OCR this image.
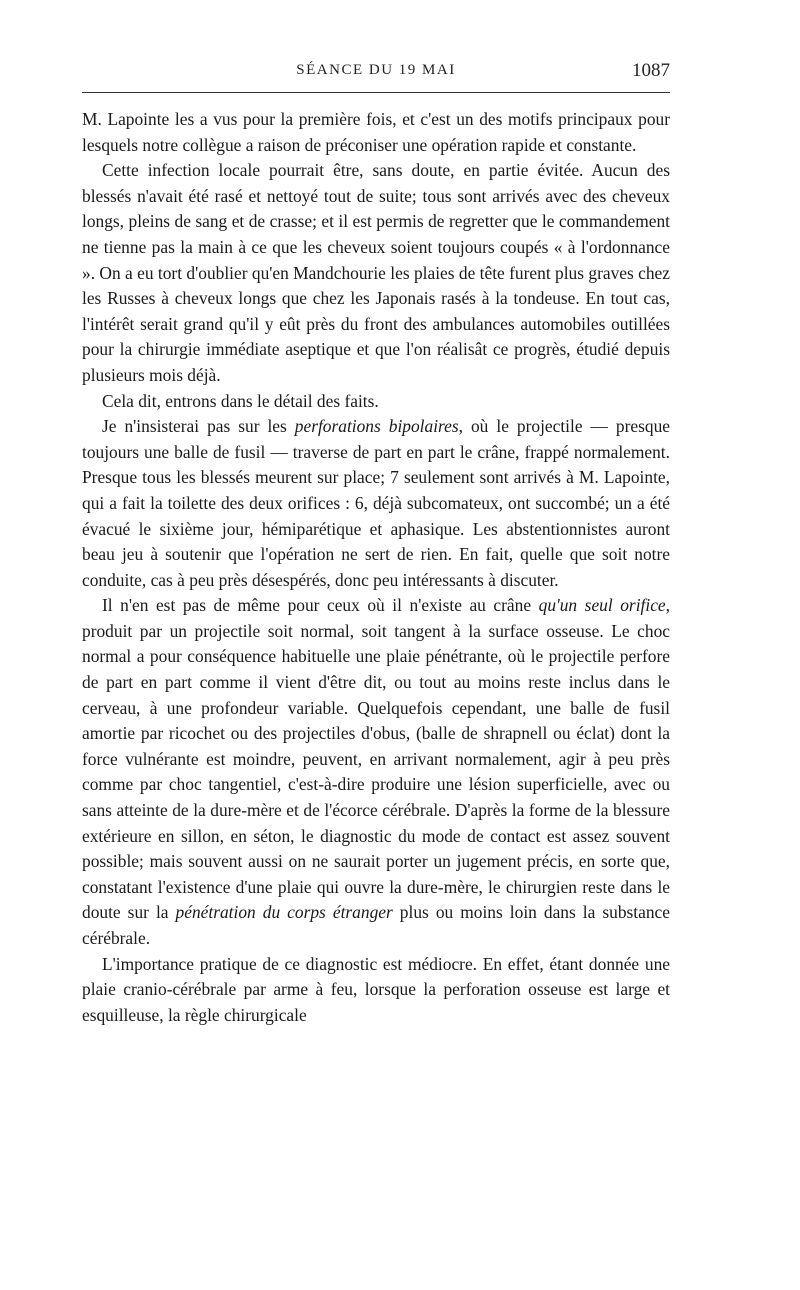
SÉANCE DU 19 MAI	1087

M. Lapointe les a vus pour la première fois, et c'est un des motifs principaux pour lesquels notre collègue a raison de préconiser une opération rapide et constante.

Cette infection locale pourrait être, sans doute, en partie évitée. Aucun des blessés n'avait été rasé et nettoyé tout de suite; tous sont arrivés avec des cheveux longs, pleins de sang et de crasse; et il est permis de regretter que le commandement ne tienne pas la main à ce que les cheveux soient toujours coupés « à l'ordonnance ». On a eu tort d'oublier qu'en Mandchourie les plaies de tête furent plus graves chez les Russes à cheveux longs que chez les Japonais rasés à la tondeuse. En tout cas, l'intérêt serait grand qu'il y eût près du front des ambulances automobiles outillées pour la chirurgie immédiate aseptique et que l'on réalisât ce progrès, étudié depuis plusieurs mois déjà.

Cela dit, entrons dans le détail des faits.

Je n'insisterai pas sur les perforations bipolaires, où le projectile — presque toujours une balle de fusil — traverse de part en part le crâne, frappé normalement. Presque tous les blessés meurent sur place; 7 seulement sont arrivés à M. Lapointe, qui a fait la toilette des deux orifices : 6, déjà subcomateux, ont succombé; un a été évacué le sixième jour, hémiparétique et aphasique. Les abstentionnistes auront beau jeu à soutenir que l'opération ne sert de rien. En fait, quelle que soit notre conduite, cas à peu près désespérés, donc peu intéressants à discuter.

Il n'en est pas de même pour ceux où il n'existe au crâne qu'un seul orifice, produit par un projectile soit normal, soit tangent à la surface osseuse. Le choc normal a pour conséquence habituelle une plaie pénétrante, où le projectile perfore de part en part comme il vient d'être dit, ou tout au moins reste inclus dans le cerveau, à une profondeur variable. Quelquefois cependant, une balle de fusil amortie par ricochet ou des projectiles d'obus, (balle de shrapnell ou éclat) dont la force vulnérante est moindre, peuvent, en arrivant normalement, agir à peu près comme par choc tangentiel, c'est-à-dire produire une lésion superficielle, avec ou sans atteinte de la dure-mère et de l'écorce cérébrale. D'après la forme de la blessure extérieure en sillon, en séton, le diagnostic du mode de contact est assez souvent possible; mais souvent aussi on ne saurait porter un jugement précis, en sorte que, constatant l'existence d'une plaie qui ouvre la dure-mère, le chirurgien reste dans le doute sur la pénétration du corps étranger plus ou moins loin dans la substance cérébrale.

L'importance pratique de ce diagnostic est médiocre. En effet, étant donnée une plaie cranio-cérébrale par arme à feu, lorsque la perforation osseuse est large et esquilleuse, la règle chirurgicale
